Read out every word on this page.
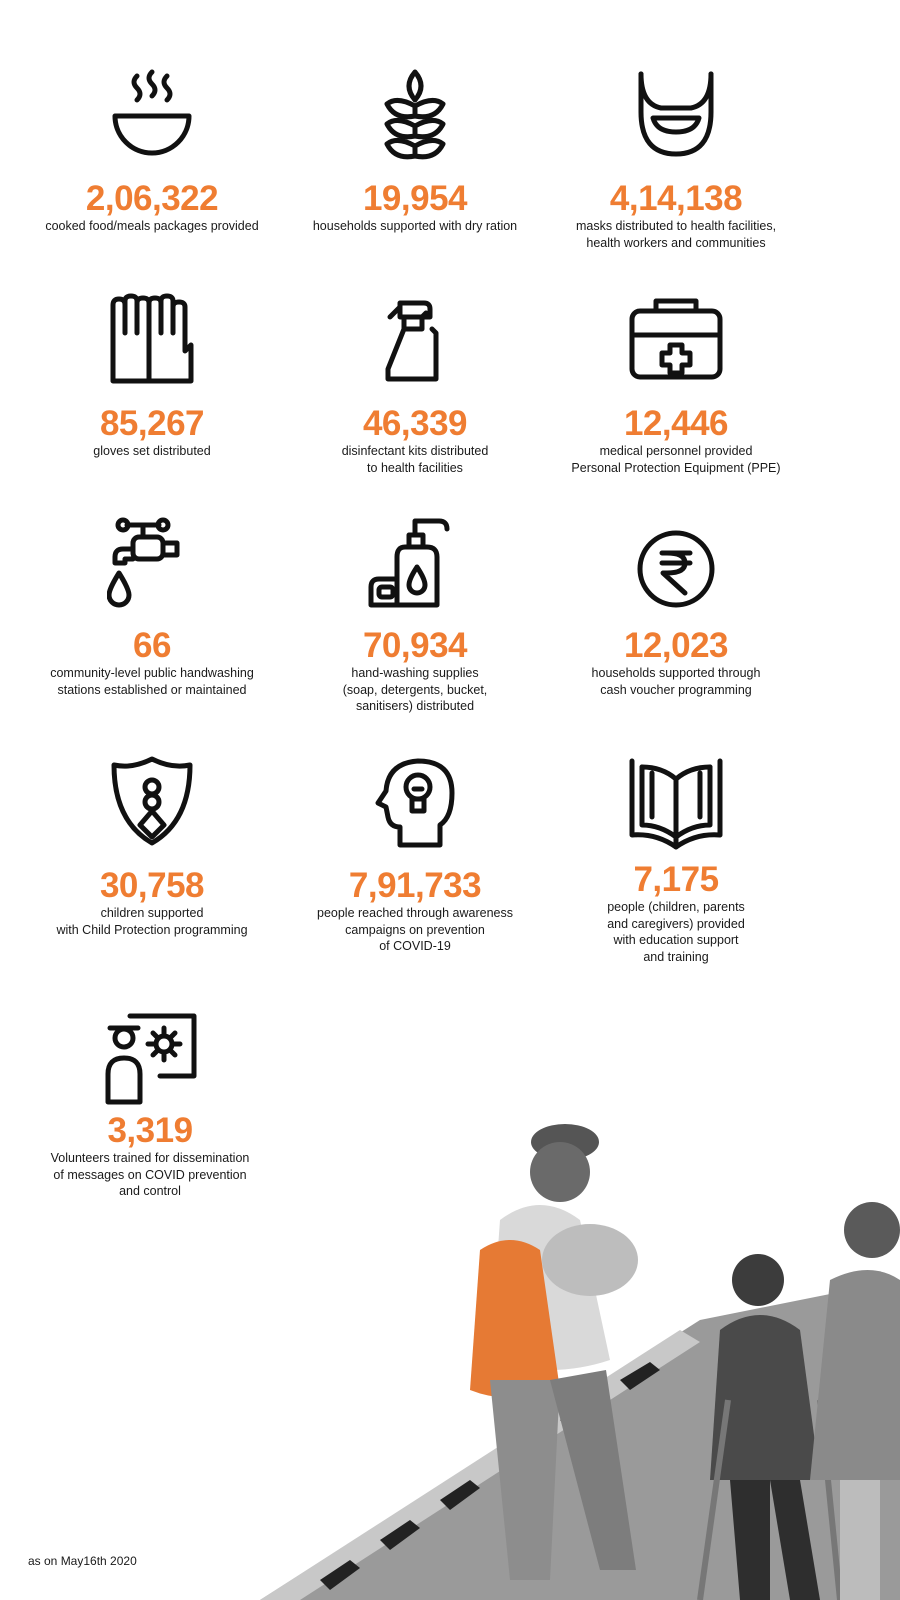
2,06,322
cooked food/meals packages provided
19,954
households supported with dry ration
4,14,138
masks distributed to health facilities,
health workers and communities
85,267
gloves set distributed
46,339
disinfectant kits distributed
to health facilities
12,446
medical personnel provided
Personal Protection Equipment (PPE)
66
community-level public handwashing
stations established or maintained
70,934
hand-washing supplies
(soap, detergents, bucket,
sanitisers) distributed
12,023
households supported through
cash voucher programming
30,758
children supported
with Child Protection programming
7,91,733
people reached through awareness
campaigns on prevention
of COVID-19
7,175
people (children, parents
and caregivers) provided
with education support
and training
3,319
Volunteers trained for dissemination
of messages on COVID prevention
and control
as on May16th 2020
